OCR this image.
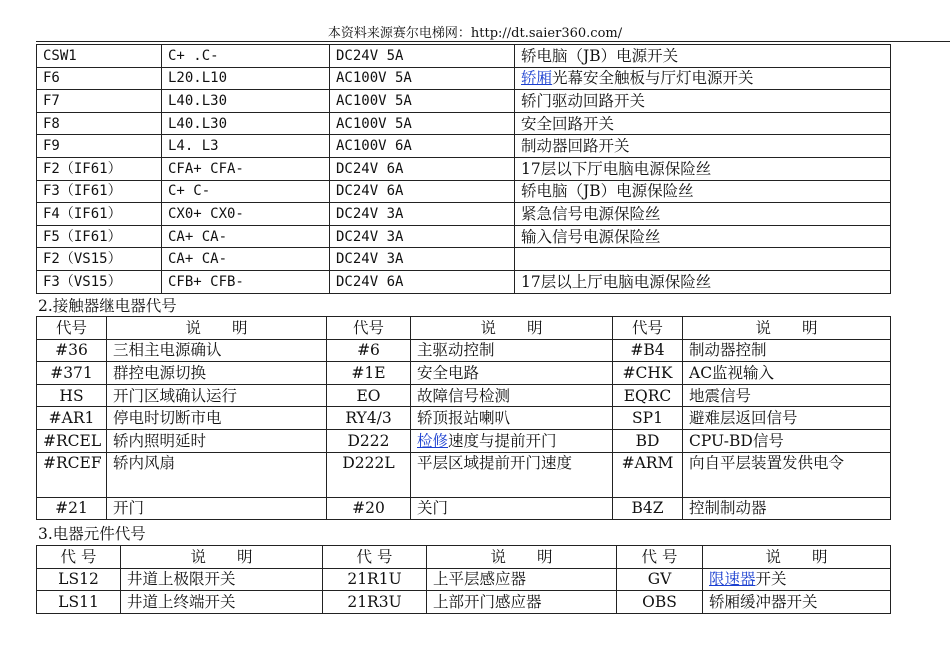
本资料来源赛尔电梯网：http://dt.saier360.com/
CSW1	C+ .C-	DC24V 5A	轿电脑（JB）电源开关
F6	L20.L10	AC100V 5A	轿厢光幕安全触板与厅灯电源开关
F7	L40.L30	AC100V 5A	轿门驱动回路开关
F8	L40.L30	AC100V 5A	安全回路开关
F9	L4. L3	AC100V 6A	制动器回路开关
F2（IF61）	CFA+ CFA-	DC24V 6A	17层以下厅电脑电源保险丝
F3（IF61）	C+ C-	DC24V 6A	轿电脑（JB）电源保险丝
F4（IF61）	CX0+ CX0-	DC24V 3A	紧急信号电源保险丝
F5（IF61）	CA+ CA-	DC24V 3A	输入信号电源保险丝
F2（VS15）	CA+ CA-	DC24V 3A	
F3（VS15）	CFB+ CFB-	DC24V 6A	17层以上厅电脑电源保险丝
2.接触器继电器代号
代号	说　　明	代号	说　　明	代号	说　　明
#36	三相主电源确认	#6	主驱动控制	#B4	制动器控制
#371	群控电源切换	#1E	安全电路	#CHK	AC监视输入
HS	开门区域确认运行	EO	故障信号检测	EQRC	地震信号
#AR1	停电时切断市电	RY4/3	轿顶报站喇叭	SP1	避难层返回信号
#RCEL	轿内照明延时	D222	检修速度与提前开门	BD	CPU-BD信号
#RCEF	轿内风扇	D222L	平层区域提前开门速度	#ARM	向自平层装置发供电令
#21	开门	#20	关门	B4Z	控制制动器
3.电器元件代号
代 号	说　　明	代 号	说　　明	代 号	说　　明
LS12	井道上极限开关	21R1U	上平层感应器	GV	限速器开关
LS11	井道上终端开关	21R3U	上部开门感应器	OBS	轿厢缓冲器开关
